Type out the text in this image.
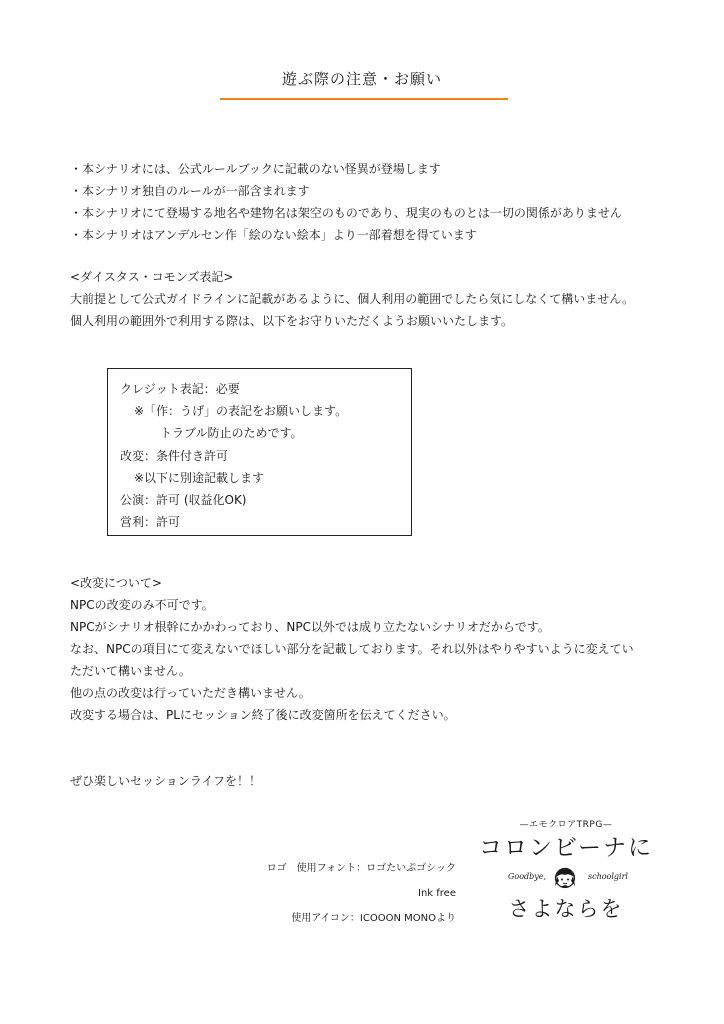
遊ぶ際の注意・お願い
・本シナリオには、公式ルールブックに記載のない怪異が登場します
・本シナリオ独自のルールが一部含まれます
・本シナリオにて登場する地名や建物名は架空のものであり、現実のものとは一切の関係がありません
・本シナリオはアンデルセン作「絵のない絵本」より一部着想を得ています
<ダイスタス・コモンズ表記>
大前提として公式ガイドラインに記載があるように、個人利用の範囲でしたら気にしなくて構いません。
個人利用の範囲外で利用する際は、以下をお守りいただくようお願いいたします。
クレジット表記：必要
※「作：うげ」の表記をお願いします。
トラブル防止のためです。
改変：条件付き許可
※以下に別途記載します
公演：許可 (収益化OK)
営利：許可
<改変について>
NPCの改変のみ不可です。
NPCがシナリオ根幹にかかわっており、NPC以外では成り立たないシナリオだからです。
なお、NPCの項目にて変えないでほしい部分を記載しております。それ以外はやりやすいように変えてい
ただいて構いません。
他の点の改変は行っていただき構いません。
改変する場合は、PLにセッション終了後に改変箇所を伝えてください。
ぜひ楽しいセッションライフを！！
ロゴ　使用フォント：ロゴたいぷゴシック
Ink free
使用アイコン：ICOOON MONOより
—エモクロアTRPG—
コロンビーナに
Goodbye,	schoolgirl
さよならを
